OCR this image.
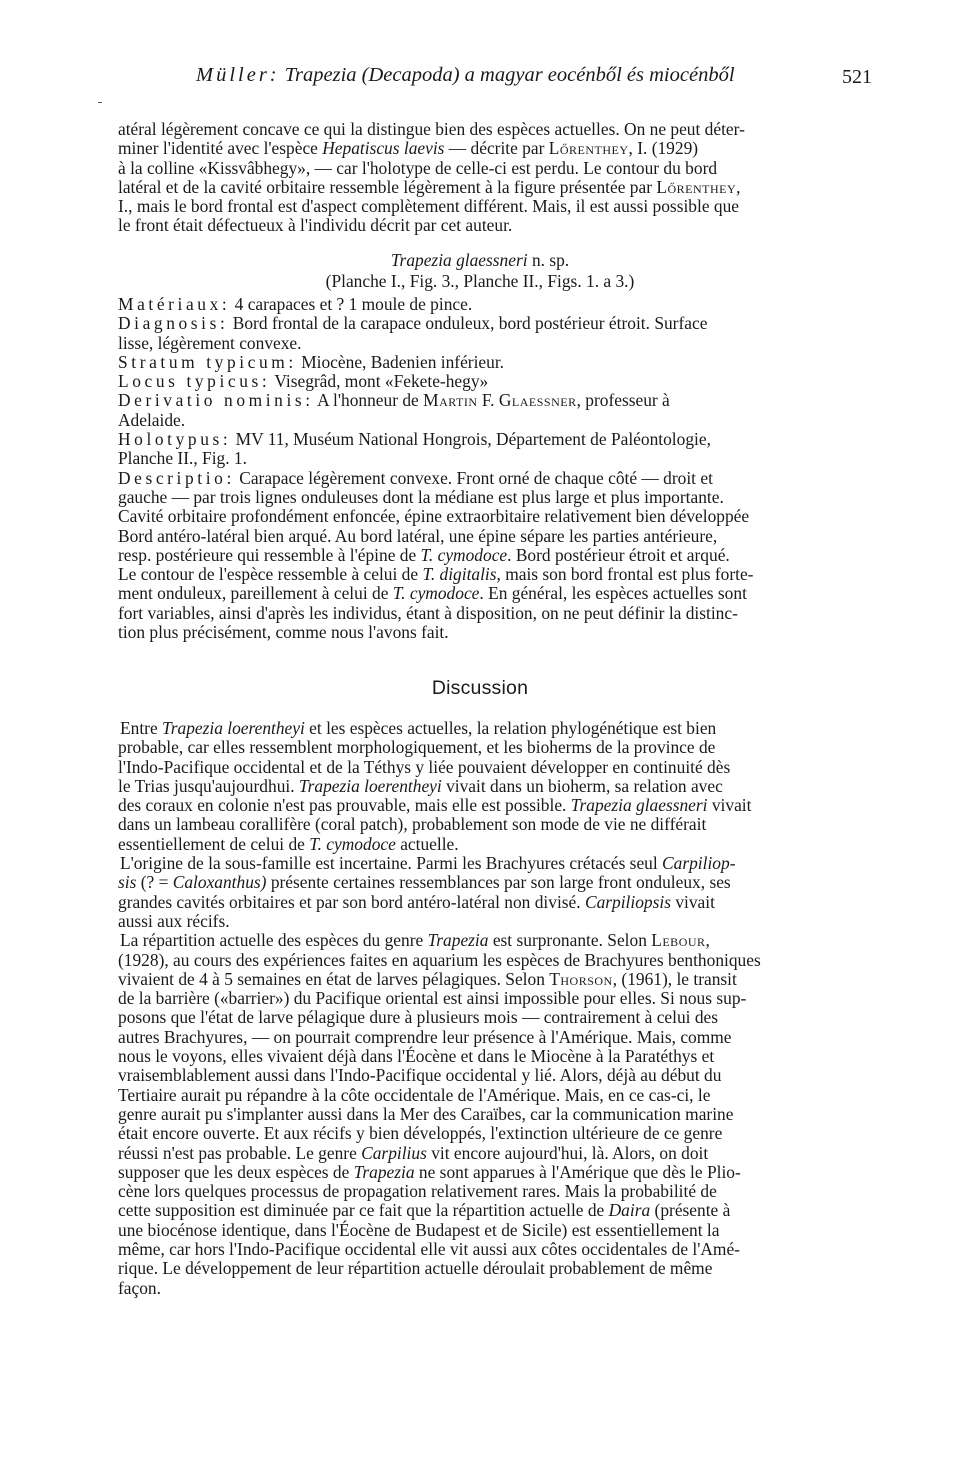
Müller: Trapezia (Decapoda) a magyar eocénből és miocénből	521

atéral légèrement concave ce qui la distingue bien des espèces actuelles. On ne peut déter-

miner l'identité avec l'espèce Hepatiscus laevis — décrite par Lőrenthey, I. (1929)

à la colline «Kissvâbhegy», — car l'holotype de celle-ci est perdu. Le contour du bord

latéral et de la cavité orbitaire ressemble légèrement à la figure présentée par Lőrenthey,

I., mais le bord frontal est d'aspect complètement différent. Mais, il est aussi possible que

le front était défectueux à l'individu décrit par cet auteur.

Trapezia glaessneri n. sp.
(Planche I., Fig. 3., Planche II., Figs. 1. a 3.)

Matériaux: 4 carapaces et ? 1 moule de pince.

Diagnosis: Bord frontal de la carapace onduleux, bord postérieur étroit. Surface

lisse, légèrement convexe.

Stratum typicum: Miocène, Badenien inférieur.

Locus typicus: Visegrâd, mont «Fekete-hegy»

Derivatio nominis: A l'honneur de Martin F. Glaessner, professeur à

Adelaide.

Holotypus: MV 11, Muséum National Hongrois, Département de Paléontologie,

Planche II., Fig. 1.

Descriptio: Carapace légèrement convexe. Front orné de chaque côté — droit et

gauche — par trois lignes onduleuses dont la médiane est plus large et plus importante.

Cavité orbitaire profondément enfoncée, épine extraorbitaire relativement bien développée

Bord antéro-latéral bien arqué. Au bord latéral, une épine sépare les parties antérieure,

resp. postérieure qui ressemble à l'épine de T. cymodoce. Bord postérieur étroit et arqué.

Le contour de l'espèce ressemble à celui de T. digitalis, mais son bord frontal est plus forte-

ment onduleux, pareillement à celui de T. cymodoce. En général, les espèces actuelles sont

fort variables, ainsi d'après les individus, étant à disposition, on ne peut définir la distinc-

tion plus précisément, comme nous l'avons fait.

Discussion

Entre Trapezia loerentheyi et les espèces actuelles, la relation phylogénétique est bien

probable, car elles ressemblent morphologiquement, et les bioherms de la province de

l'Indo-Pacifique occidental et de la Téthys y liée pouvaient développer en continuité dès

le Trias jusqu'aujourdhui. Trapezia loerentheyi vivait dans un bioherm, sa relation avec

des coraux en colonie n'est pas prouvable, mais elle est possible. Trapezia glaessneri vivait

dans un lambeau corallifère (coral patch), probablement son mode de vie ne différait

essentiellement de celui de T. cymodoce actuelle.

L'origine de la sous-famille est incertaine. Parmi les Brachyures crétacés seul Carpiliop-

sis (? = Caloxanthus) présente certaines ressemblances par son large front onduleux, ses

grandes cavités orbitaires et par son bord antéro-latéral non divisé. Carpiliopsis vivait

aussi aux récifs.

La répartition actuelle des espèces du genre Trapezia est surpronante. Selon Lebour,

(1928), au cours des expériences faites en aquarium les espèces de Brachyures benthoniques

vivaient de 4 à 5 semaines en état de larves pélagiques. Selon Thorson, (1961), le transit

de la barrière («barrier») du Pacifique oriental est ainsi impossible pour elles. Si nous sup-

posons que l'état de larve pélagique dure à plusieurs mois — contrairement à celui des

autres Brachyures, — on pourrait comprendre leur présence à l'Amérique. Mais, comme

nous le voyons, elles vivaient déjà dans l'Éocène et dans le Miocène à la Paratéthys et

vraisemblablement aussi dans l'Indo-Pacifique occidental y lié. Alors, déjà au début du

Tertiaire aurait pu répandre à la côte occidentale de l'Amérique. Mais, en ce cas-ci, le

genre aurait pu s'implanter aussi dans la Mer des Caraïbes, car la communication marine

était encore ouverte. Et aux récifs y bien développés, l'extinction ultérieure de ce genre

réussi n'est pas probable. Le genre Carpilius vit encore aujourd'hui, là. Alors, on doit

supposer que les deux espèces de Trapezia ne sont apparues à l'Amérique que dès le Plio-

cène lors quelques processus de propagation relativement rares. Mais la probabilité de

cette supposition est diminuée par ce fait que la répartition actuelle de Daira (présente à

une biocénose identique, dans l'Éocène de Budapest et de Sicile) est essentiellement la

même, car hors l'Indo-Pacifique occidental elle vit aussi aux côtes occidentales de l'Amé-

rique. Le développement de leur répartition actuelle déroulait probablement de même

façon.
